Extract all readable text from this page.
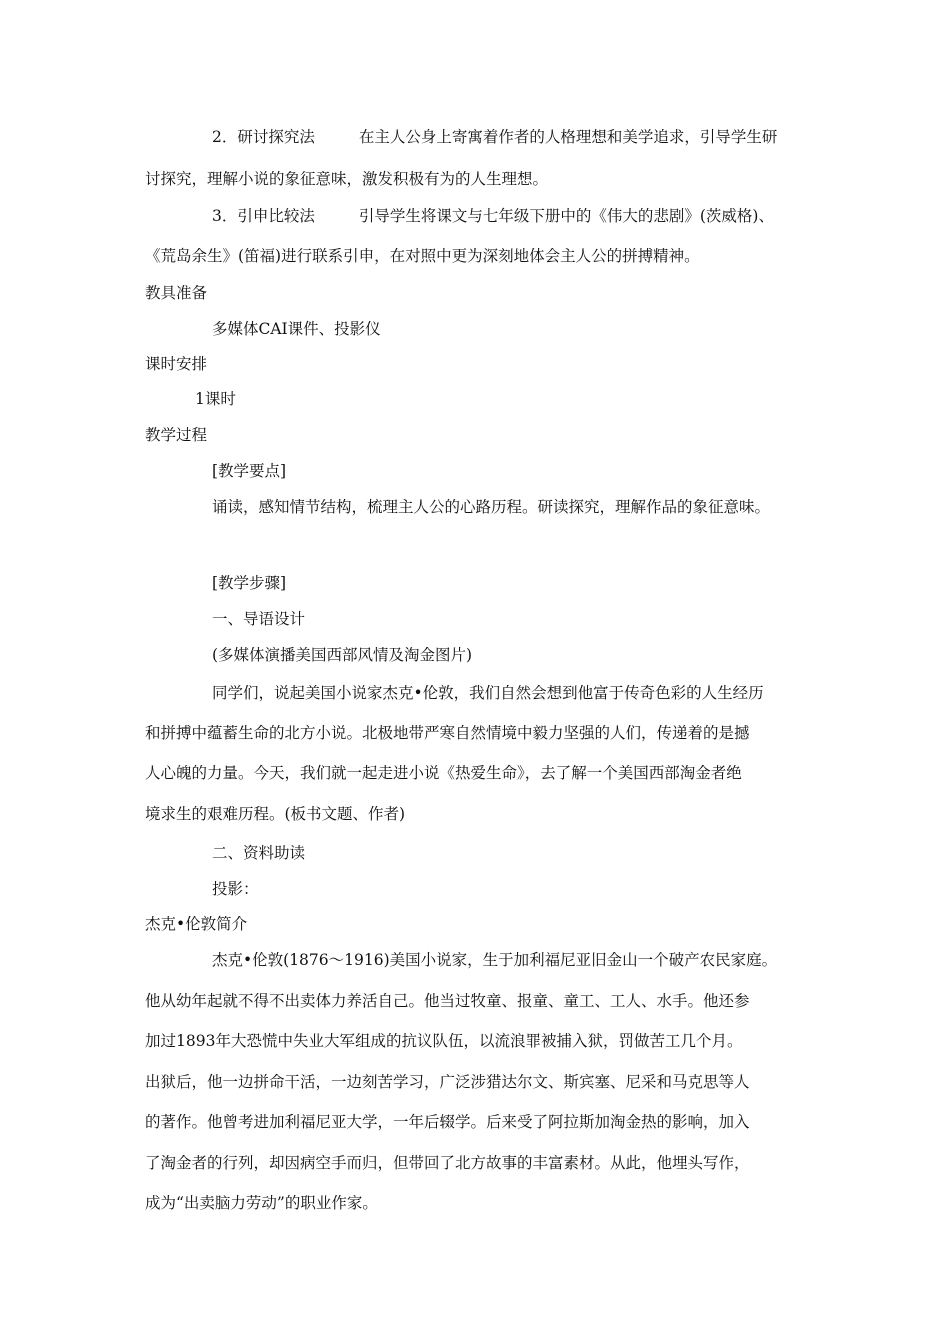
2．研讨探究法	在主人公身上寄寓着作者的人格理想和美学追求，引导学生研
讨探究，理解小说的象征意味，激发积极有为的人生理想。
3．引申比较法	引导学生将课文与七年级下册中的《伟大的悲剧》(茨威格)、
《荒岛余生》(笛福)进行联系引申，在对照中更为深刻地体会主人公的拼搏精神。
教具准备
多媒体CAI课件、投影仪
课时安排
1课时
教学过程
[教学要点]
诵读，感知情节结构，梳理主人公的心路历程。研读探究，理解作品的象征意味。
[教学步骤]
一、导语设计
(多媒体演播美国西部风情及淘金图片)
同学们，说起美国小说家杰克•伦敦，我们自然会想到他富于传奇色彩的人生经历
和拼搏中蕴蓄生命的北方小说。北极地带严寒自然情境中毅力坚强的人们，传递着的是撼
人心魄的力量。今天，我们就一起走进小说《热爱生命》，去了解一个美国西部淘金者绝
境求生的艰难历程。(板书文题、作者)
二、资料助读
投影：
杰克•伦敦简介
杰克•伦敦(1876～1916)美国小说家，生于加利福尼亚旧金山一个破产农民家庭。
他从幼年起就不得不出卖体力养活自己。他当过牧童、报童、童工、工人、水手。他还参
加过1893年大恐慌中失业大军组成的抗议队伍，以流浪罪被捕入狱，罚做苦工几个月。
出狱后，他一边拼命干活，一边刻苦学习，广泛涉猎达尔文、斯宾塞、尼采和马克思等人
的著作。他曾考进加利福尼亚大学，一年后辍学。后来受了阿拉斯加淘金热的影响，加入
了淘金者的行列，却因病空手而归，但带回了北方故事的丰富素材。从此，他埋头写作，
成为“出卖脑力劳动”的职业作家。
